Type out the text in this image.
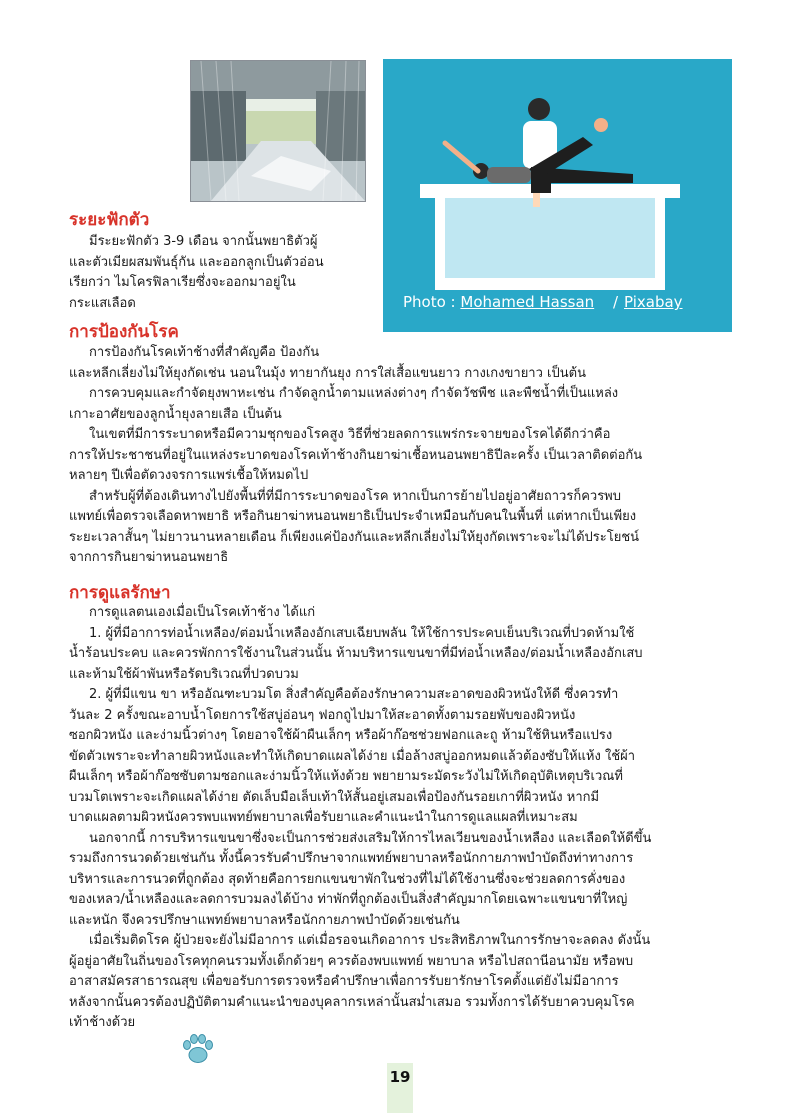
Photo : Mohamed Hassan / Pixabay
ระยะฟักตัว
มีระยะฟักตัว 3-9 เดือน จากนั้นพยาธิตัวผู้
และตัวเมียผสมพันธุ์กัน และออกลูกเป็นตัวอ่อน
เรียกว่า ไมโครฟิลาเรียซึ่งจะออกมาอยู่ใน
กระแสเลือด
การป้องกันโรค
การป้องกันโรคเท้าช้างที่สำคัญคือ ป้องกัน
และหลีกเลี่ยงไม่ให้ยุงกัดเช่น นอนในมุ้ง ทายากันยุง การใส่เสื้อแขนยาว กางเกงขายาว เป็นต้น
การควบคุมและกำจัดยุงพาหะเช่น กำจัดลูกน้ำตามแหล่งต่างๆ กำจัดวัชพืช และพืชน้ำที่เป็นแหล่ง
เกาะอาศัยของลูกน้ำยุงลายเสือ เป็นต้น
ในเขตที่มีการระบาดหรือมีความชุกของโรคสูง วิธีที่ช่วยลดการแพร่กระจายของโรคได้ดีกว่าคือ
การให้ประชาชนที่อยู่ในแหล่งระบาดของโรคเท้าช้างกินยาฆ่าเชื้อหนอนพยาธิปีละครั้ง เป็นเวลาติดต่อกัน
หลายๆ ปีเพื่อตัดวงจรการแพร่เชื้อให้หมดไป
สำหรับผู้ที่ต้องเดินทางไปยังพื้นที่ที่มีการระบาดของโรค หากเป็นการย้ายไปอยู่อาศัยถาวรก็ควรพบ
แพทย์เพื่อตรวจเลือดหาพยาธิ หรือกินยาฆ่าหนอนพยาธิเป็นประจำเหมือนกับคนในพื้นที่ แต่หากเป็นเพียง
ระยะเวลาสั้นๆ ไม่ยาวนานหลายเดือน ก็เพียงแค่ป้องกันและหลีกเลี่ยงไม่ให้ยุงกัดเพราะจะไม่ได้ประโยชน์
จากการกินยาฆ่าหนอนพยาธิ
การดูแลรักษา
การดูแลตนเองเมื่อเป็นโรคเท้าช้าง ได้แก่
1. ผู้ที่มีอาการท่อน้ำเหลือง/ต่อมน้ำเหลืองอักเสบเฉียบพลัน ให้ใช้การประคบเย็นบริเวณที่ปวดห้ามใช้
น้ำร้อนประคบ และควรพักการใช้งานในส่วนนั้น ห้ามบริหารแขนขาที่มีท่อน้ำเหลือง/ต่อมน้ำเหลืองอักเสบ
และห้ามใช้ผ้าพันหรือรัดบริเวณที่ปวดบวม
2. ผู้ที่มีแขน ขา หรืออัณฑะบวมโต สิ่งสำคัญคือต้องรักษาความสะอาดของผิวหนังให้ดี ซึ่งควรทำ
วันละ 2 ครั้งขณะอาบน้ำโดยการใช้สบู่อ่อนๆ ฟอกถูไปมาให้สะอาดทั้งตามรอยพับของผิวหนัง
ซอกผิวหนัง และง่ามนิ้วต่างๆ โดยอาจใช้ผ้าผืนเล็กๆ หรือผ้าก๊อซช่วยฟอกและถู ห้ามใช้หินหรือแปรง
ขัดตัวเพราะจะทำลายผิวหนังและทำให้เกิดบาดแผลได้ง่าย เมื่อล้างสบู่ออกหมดแล้วต้องซับให้แห้ง ใช้ผ้า
ผืนเล็กๆ หรือผ้าก๊อซซับตามซอกและง่ามนิ้วให้แห้งด้วย พยายามระมัดระวังไม่ให้เกิดอุบัติเหตุบริเวณที่
บวมโตเพราะจะเกิดแผลได้ง่าย ตัดเล็บมือเล็บเท้าให้สั้นอยู่เสมอเพื่อป้องกันรอยเกาที่ผิวหนัง หากมี
บาดแผลตามผิวหนังควรพบแพทย์พยาบาลเพื่อรับยาและคำแนะนำในการดูแลแผลที่เหมาะสม
นอกจากนี้ การบริหารแขนขาซึ่งจะเป็นการช่วยส่งเสริมให้การไหลเวียนของน้ำเหลือง และเลือดให้ดีขึ้น
รวมถึงการนวดด้วยเช่นกัน ทั้งนี้ควรรับคำปรึกษาจากแพทย์พยาบาลหรือนักกายภาพบำบัดถึงท่าทางการ
บริหารและการนวดที่ถูกต้อง สุดท้ายคือการยกแขนขาพักในช่วงที่ไม่ได้ใช้งานซึ่งจะช่วยลดการคั่งของ
ของเหลว/น้ำเหลืองและลดการบวมลงได้บ้าง ท่าพักที่ถูกต้องเป็นสิ่งสำคัญมากโดยเฉพาะแขนขาที่ใหญ่
และหนัก จึงควรปรึกษาแพทย์พยาบาลหรือนักกายภาพบำบัดด้วยเช่นกัน
เมื่อเริ่มติดโรค ผู้ป่วยจะยังไม่มีอาการ แต่เมื่อรอจนเกิดอาการ ประสิทธิภาพในการรักษาจะลดลง ดังนั้น
ผู้อยู่อาศัยในถิ่นของโรคทุกคนรวมทั้งเด็กด้วยๆ ควรต้องพบแพทย์ พยาบาล หรือไปสถานีอนามัย หรือพบ
อาสาสมัครสาธารณสุข เพื่อขอรับการตรวจหรือคำปรึกษาเพื่อการรับยารักษาโรคตั้งแต่ยังไม่มีอาการ
หลังจากนั้นควรต้องปฏิบัติตามคำแนะนำของบุคลากรเหล่านั้นสม่ำเสมอ รวมทั้งการได้รับยาควบคุมโรค
เท้าช้างด้วย
19
